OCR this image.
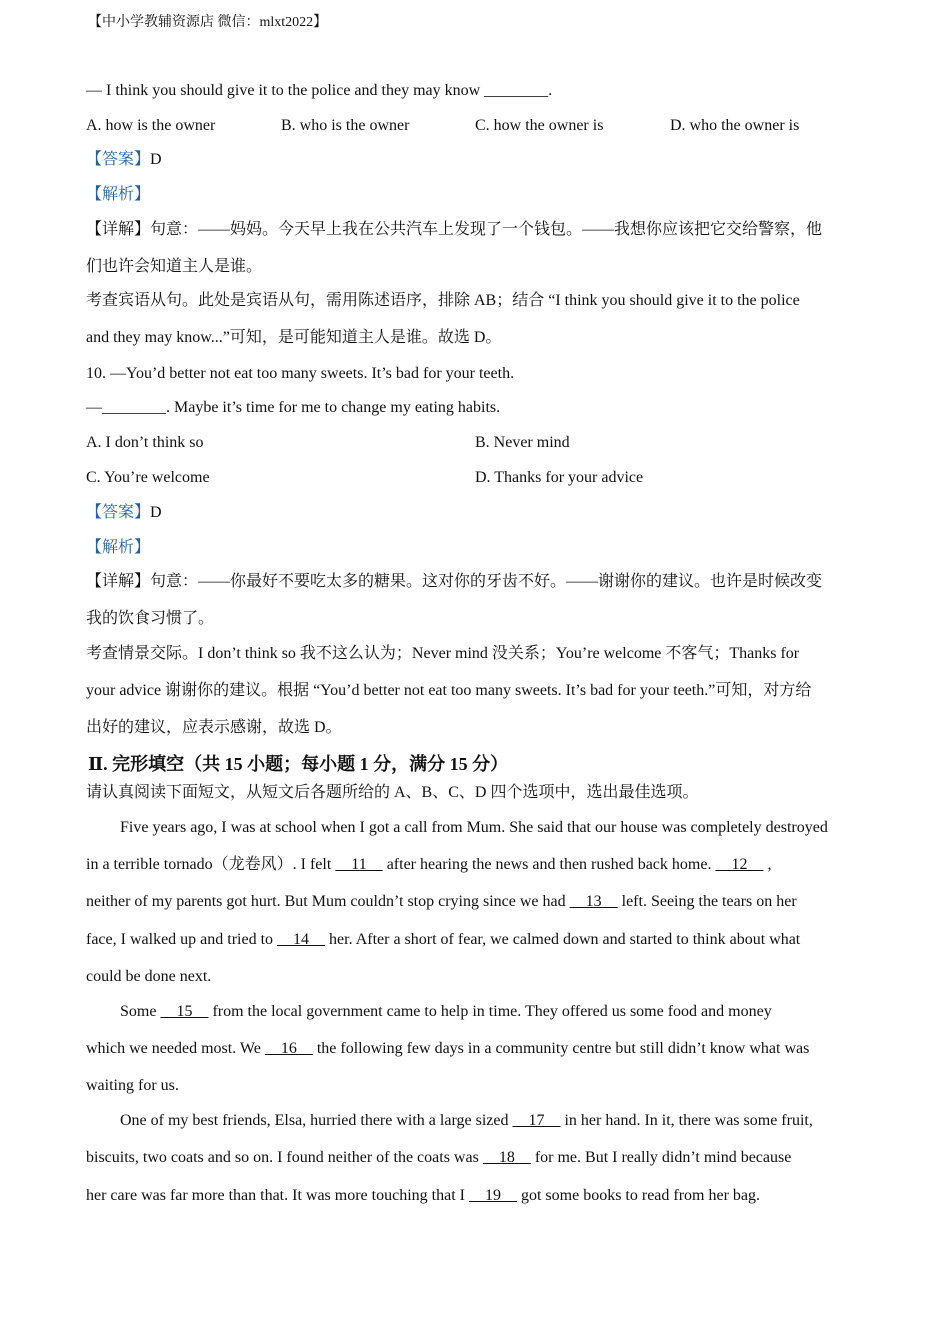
【中小学教辅资源店 微信：mlxt2022】
— I think you should give it to the police and they may know ________.
A. how is the owner	B. who is the owner	C. how the owner is	D. who the owner is
【答案】D
【解析】
【详解】句意：——妈妈。今天早上我在公共汽车上发现了一个钱包。——我想你应该把它交给警察，他
们也许会知道主人是谁。
考查宾语从句。此处是宾语从句，需用陈述语序，排除 AB；结合 “I think you should give it to the police
and they may know...”可知，是可能知道主人是谁。故选 D。
10. —You’d better not eat too many sweets. It’s bad for your teeth.
—________. Maybe it’s time for me to change my eating habits.
A. I don’t think so	B. Never mind
C. You’re welcome	D. Thanks for your advice
【答案】D
【解析】
【详解】句意：——你最好不要吃太多的糖果。这对你的牙齿不好。——谢谢你的建议。也许是时候改变
我的饮食习惯了。
考查情景交际。I don’t think so 我不这么认为；Never mind 没关系；You’re welcome 不客气；Thanks for
your advice 谢谢你的建议。根据 “You’d better not eat too many sweets. It’s bad for your teeth.”可知，对方给
出好的建议，应表示感谢，故选 D。
Ⅱ. 完形填空（共 15 小题；每小题 1 分，满分 15 分）
请认真阅读下面短文，从短文后各题所给的 A、B、C、D 四个选项中，选出最佳选项。
Five years ago, I was at school when I got a call from Mum. She said that our house was completely destroyed
in a terrible tornado（龙卷风）. I felt     11     after hearing the news and then rushed back home.     12     ,
neither of my parents got hurt. But Mum couldn’t stop crying since we had     13     left. Seeing the tears on her
face, I walked up and tried to     14     her. After a short of fear, we calmed down and started to think about what
could be done next.
Some     15     from the local government came to help in time. They offered us some food and money
which we needed most. We     16     the following few days in a community centre but still didn’t know what was
waiting for us.
One of my best friends, Elsa, hurried there with a large sized     17     in her hand. In it, there was some fruit,
biscuits, two coats and so on. I found neither of the coats was     18     for me. But I really didn’t mind because
her care was far more than that. It was more touching that I     19     got some books to read from her bag.
